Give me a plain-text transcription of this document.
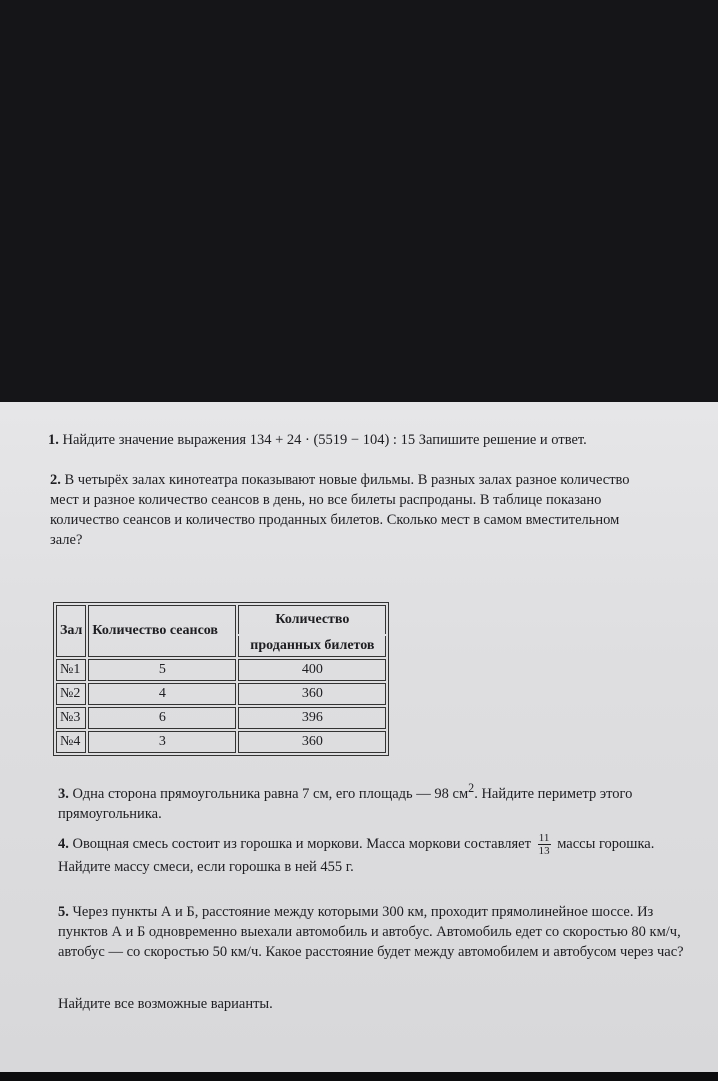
1. Найдите значение выражения 134 + 24 · (5519 − 104) : 15 Запишите решение и ответ.
2. В четырёх залах кинотеатра показывают новые фильмы. В разных залах разное количество мест и разное количество сеансов в день, но все билеты распроданы. В таблице показано количество сеансов и количество проданных билетов. Сколько мест в самом вместительном зале?
Зал	Количество сеансов	Количество
		проданных билетов
№1	5	400
№2	4	360
№3	6	396
№4	3	360
3. Одна сторона прямоугольника равна 7 см, его площадь — 98 $см^2$. Найдите периметр этого прямоугольника.
4. Овощная смесь состоит из горошка и моркови. Масса моркови составляет $\frac{11}{13}$ массы горошка. Найдите массу смеси, если горошка в ней 455 г.
5. Через пункты А и Б, расстояние между которыми 300 км, проходит прямолинейное шоссе. Из пунктов А и Б одновременно выехали автомобиль и автобус. Автомобиль едет со скоростью 80 км/ч, автобус — со скоростью 50 км/ч. Какое расстояние будет между автомобилем и автобусом через час?
Найдите все возможные варианты.
